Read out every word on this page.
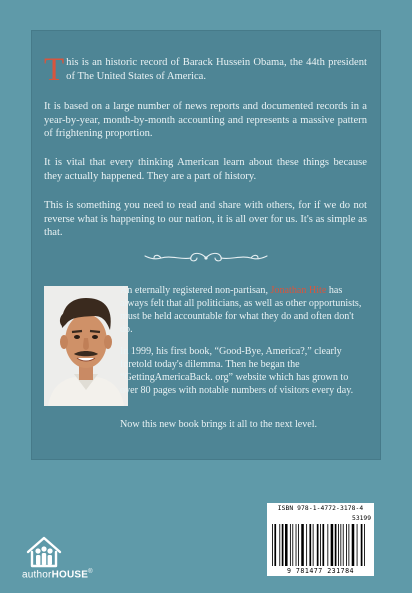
This is an historic record of Barack Hussein Obama, the 44th president of The United States of America.

It is based on a large number of news reports and documented records in a year-by-year, month-by-month accounting and represents a massive pattern of frightening proportion.

It is vital that every thinking American learn about these things because they actually happened. They are a part of history.

This is something you need to read and share with others, for if we do not reverse what is happening to our nation, it is all over for us. It's as simple as that.

An eternally registered non-partisan, Jonathan Hite has always felt that all politicians, as well as other opportunists, must be held accountable for what they do and often don't do.

In 1999, his first book, “Good-Bye, America?,” clearly foretold today's dilemma. Then he began the “GettingAmericaBack. org” website which has grown to over 80 pages with notable numbers of visitors every day.

Now this new book brings it all to the next level.

authorHOUSE®
ISBN 978-1-4772-3178-4
53199
9 781477 231784
